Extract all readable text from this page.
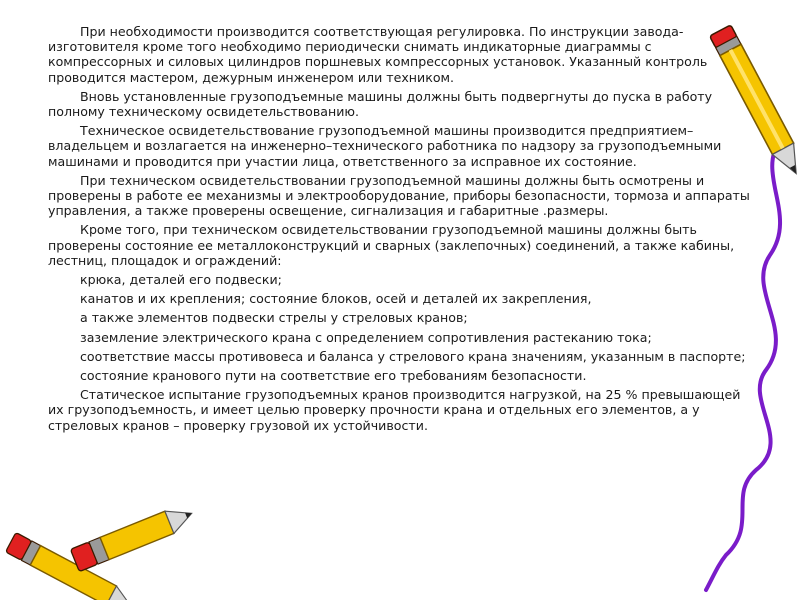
При необходимости производится соответствующая регулировка. По инструкции завода-изготовителя кроме того необходимо периодически снимать индикаторные диаграммы с компрессорных и силовых цилиндров поршневых компрессорных установок. Указанный контроль проводится мастером, дежурным инженером или техником.

Вновь установленные грузоподъемные машины должны быть подвергнуты до пуска в работу полному техническому освидетельствованию.

Техническое освидетельствование грузоподъемной машины производится предприятием–владельцем и возлагается на инженерно–технического работника по надзору за грузоподъемными машинами и проводится при участии лица, ответственного за исправное их состояние.

При техническом освидетельствовании грузоподъемной машины должны быть осмотрены и проверены в работе ее механизмы и электрооборудование, приборы безопасности, тормоза и аппараты управления, а также проверены освещение, сигнализация и габаритные .размеры.

Кроме того, при техническом освидетельствовании грузоподъемной машины должны быть проверены состояние ее металлоконструкций и сварных (заклепочных) соединений, а также кабины, лестниц, площадок и ограждений:

крюка, деталей его подвески;

канатов и их крепления; состояние блоков, осей и деталей их закрепления,

а также элементов подвески стрелы у стреловых кранов;

заземление электрического крана с определением сопротивления растеканию тока;

соответствие массы противовеса и баланса у стрелового крана значениям, указанным в паспорте;

состояние кранового пути на соответствие его требованиям безопасности.

Статическое испытание грузоподъемных кранов производится нагрузкой, на 25 % превышающей их грузоподъемность, и имеет целью проверку прочности крана и отдельных его элементов, а у стреловых кранов – проверку грузовой их устойчивости.
